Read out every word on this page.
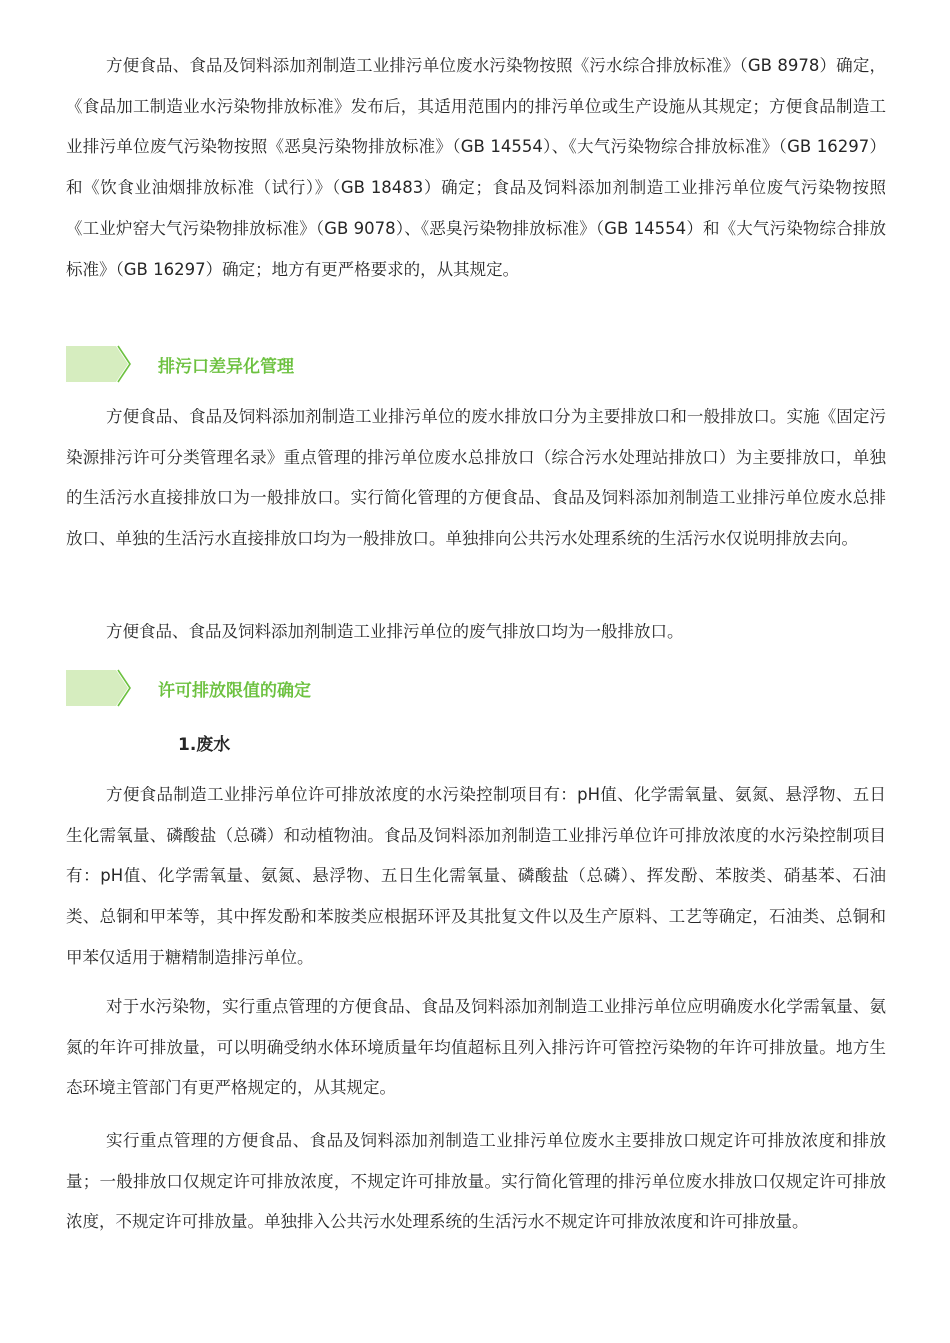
方便食品、食品及饲料添加剂制造工业排污单位废水污染物按照《污水综合排放标准》（GB 8978）确定，《食品加工制造业水污染物排放标准》发布后，其适用范围内的排污单位或生产设施从其规定；方便食品制造工业排污单位废气污染物按照《恶臭污染物排放标准》（GB 14554）、《大气污染物综合排放标准》（GB 16297）和《饮食业油烟排放标准（试行）》（GB 18483）确定；食品及饲料添加剂制造工业排污单位废气污染物按照《工业炉窑大气污染物排放标准》（GB 9078）、《恶臭污染物排放标准》（GB 14554）和《大气污染物综合排放标准》（GB 16297）确定；地方有更严格要求的，从其规定。

排污口差异化管理

方便食品、食品及饲料添加剂制造工业排污单位的废水排放口分为主要排放口和一般排放口。实施《固定污染源排污许可分类管理名录》重点管理的排污单位废水总排放口（综合污水处理站排放口）为主要排放口，单独的生活污水直接排放口为一般排放口。实行简化管理的方便食品、食品及饲料添加剂制造工业排污单位废水总排放口、单独的生活污水直接排放口均为一般排放口。单独排向公共污水处理系统的生活污水仅说明排放去向。

方便食品、食品及饲料添加剂制造工业排污单位的废气排放口均为一般排放口。

许可排放限值的确定
1.废水

方便食品制造工业排污单位许可排放浓度的水污染控制项目有：pH值、化学需氧量、氨氮、悬浮物、五日生化需氧量、磷酸盐（总磷）和动植物油。食品及饲料添加剂制造工业排污单位许可排放浓度的水污染控制项目有：pH值、化学需氧量、氨氮、悬浮物、五日生化需氧量、磷酸盐（总磷）、挥发酚、苯胺类、硝基苯、石油类、总铜和甲苯等，其中挥发酚和苯胺类应根据环评及其批复文件以及生产原料、工艺等确定，石油类、总铜和甲苯仅适用于糖精制造排污单位。

对于水污染物，实行重点管理的方便食品、食品及饲料添加剂制造工业排污单位应明确废水化学需氧量、氨氮的年许可排放量，可以明确受纳水体环境质量年均值超标且列入排污许可管控污染物的年许可排放量。地方生态环境主管部门有更严格规定的，从其规定。

实行重点管理的方便食品、食品及饲料添加剂制造工业排污单位废水主要排放口规定许可排放浓度和排放量；一般排放口仅规定许可排放浓度，不规定许可排放量。实行简化管理的排污单位废水排放口仅规定许可排放浓度，不规定许可排放量。单独排入公共污水处理系统的生活污水不规定许可排放浓度和许可排放量。
